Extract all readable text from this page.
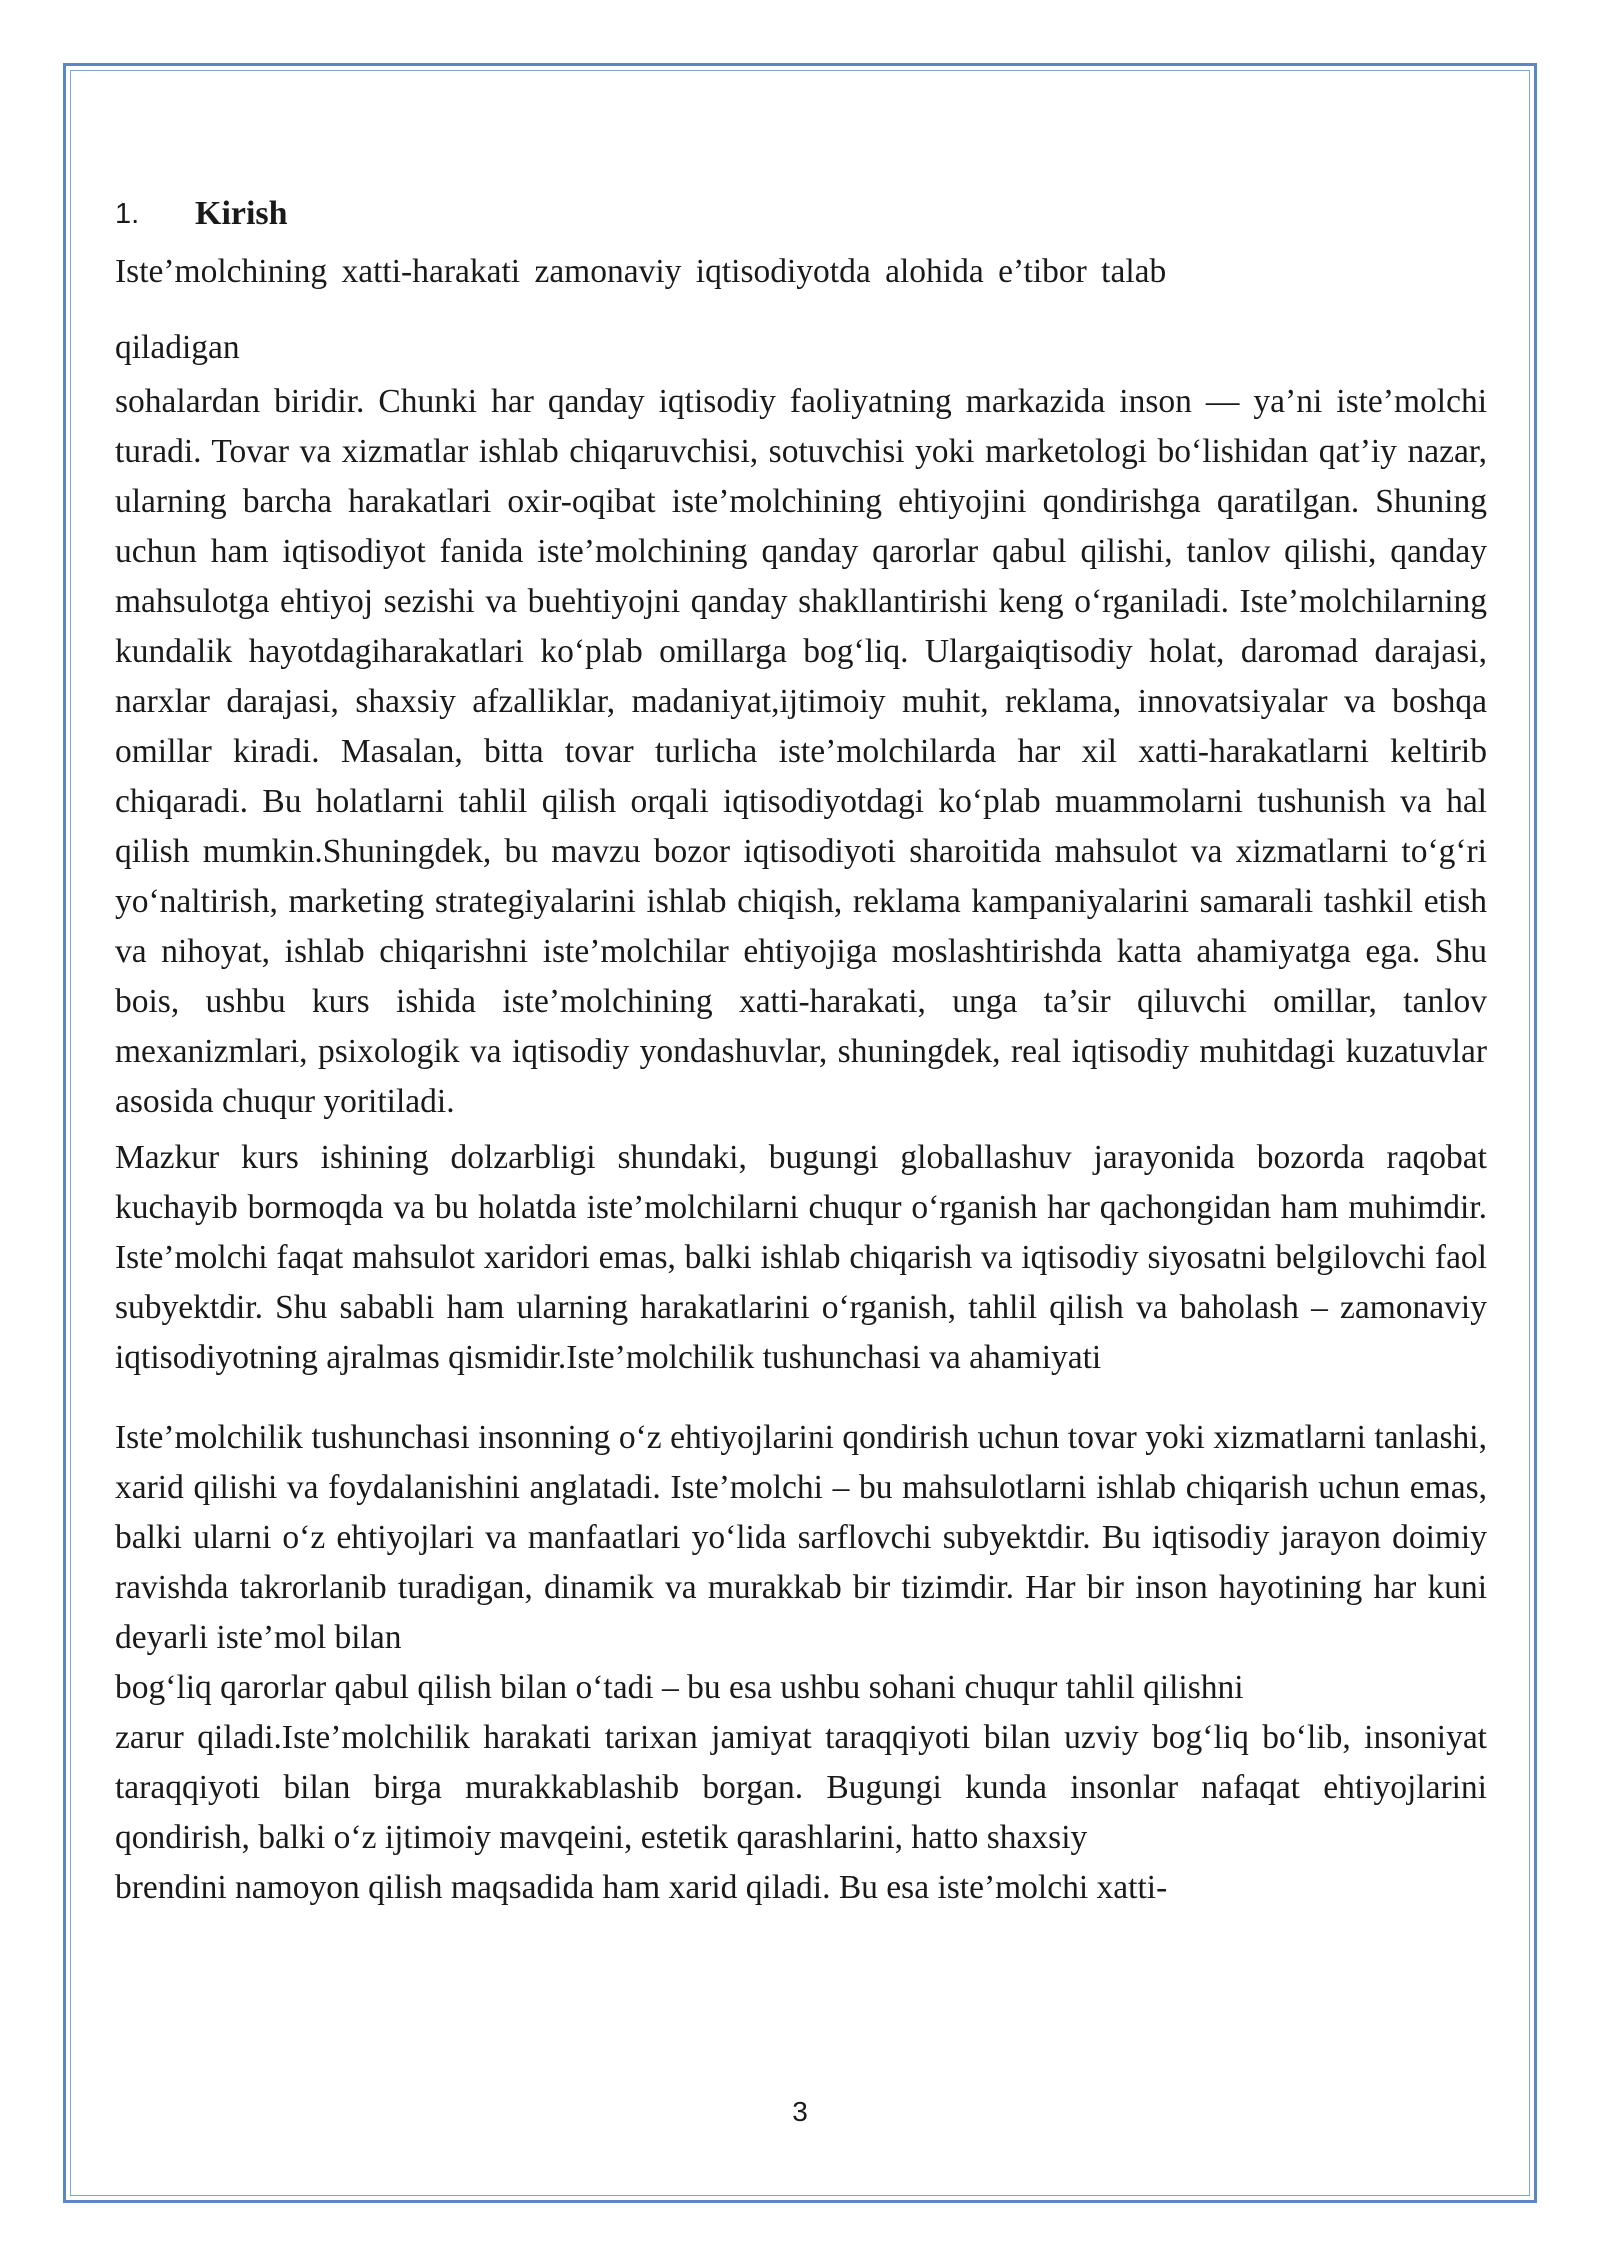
1.	Kirish
Iste’molchining xatti-harakati zamonaviy iqtisodiyotda alohida e’tibor talab
qiladigan

sohalardan biridir. Chunki har qanday iqtisodiy faoliyatning markazida inson — ya’ni iste’molchi turadi. Tovar va xizmatlar ishlab chiqaruvchisi, sotuvchisi yoki marketologi bo‘lishidan qat’iy nazar, ularning barcha harakatlari oxir-oqibat iste’molchining ehtiyojini qondirishga qaratilgan. Shuning uchun ham iqtisodiyot fanida iste’molchining qanday qarorlar qabul qilishi, tanlov qilishi, qanday mahsulotga ehtiyoj sezishi va buehtiyojni qanday shakllantirishi keng o‘rganiladi. Iste’molchilarning kundalik hayotdagiharakatlari ko‘plab omillarga bog‘liq. Ulargaiqtisodiy holat, daromad darajasi, narxlar darajasi, shaxsiy afzalliklar, madaniyat,ijtimoiy muhit, reklama, innovatsiyalar va boshqa omillar kiradi. Masalan, bitta tovar turlicha iste’molchilarda har xil xatti-harakatlarni keltirib chiqaradi. Bu holatlarni tahlil qilish orqali iqtisodiyotdagi ko‘plab muammolarni tushunish va hal qilish mumkin.Shuningdek, bu mavzu bozor iqtisodiyoti sharoitida mahsulot va xizmatlarni to‘g‘ri yo‘naltirish, marketing strategiyalarini ishlab chiqish, reklama kampaniyalarini samarali tashkil etish va nihoyat, ishlab chiqarishni iste’molchilar ehtiyojiga moslashtirishda katta ahamiyatga ega. Shu bois, ushbu kurs ishida iste’molchining xatti-harakati, unga ta’sir qiluvchi omillar, tanlov mexanizmlari, psixologik va iqtisodiy yondashuvlar, shuningdek, real iqtisodiy muhitdagi kuzatuvlar asosida chuqur yoritiladi.

Mazkur kurs ishining dolzarbligi shundaki, bugungi globallashuv jarayonida bozorda raqobat kuchayib bormoqda va bu holatda iste’molchilarni chuqur o‘rganish har qachongidan ham muhimdir. Iste’molchi faqat mahsulot xaridori emas, balki ishlab chiqarish va iqtisodiy siyosatni belgilovchi faol subyektdir. Shu sababli ham ularning harakatlarini o‘rganish, tahlil qilish va baholash – zamonaviy iqtisodiyotning ajralmas qismidir.Iste’molchilik tushunchasi va ahamiyati

Iste’molchilik tushunchasi insonning o‘z ehtiyojlarini qondirish uchun tovar yoki xizmatlarni tanlashi, xarid qilishi va foydalanishini anglatadi. Iste’molchi – bu mahsulotlarni ishlab chiqarish uchun emas, balki ularni o‘z ehtiyojlari va manfaatlari yo‘lida sarflovchi subyektdir. Bu iqtisodiy jarayon doimiy ravishda takrorlanib turadigan, dinamik va murakkab bir tizimdir. Har bir inson hayotining har kuni deyarli iste’mol bilan

bog‘liq qarorlar qabul qilish bilan o‘tadi – bu esa ushbu sohani chuqur tahlil qilishni

zarur qiladi.Iste’molchilik harakati tarixan jamiyat taraqqiyoti bilan uzviy bog‘liq bo‘lib, insoniyat taraqqiyoti bilan birga murakkablashib borgan. Bugungi kunda insonlar nafaqat ehtiyojlarini qondirish, balki o‘z ijtimoiy mavqeini, estetik qarashlarini, hatto shaxsiy

brendini namoyon qilish maqsadida ham xarid qiladi. Bu esa iste’molchi xatti-
3
